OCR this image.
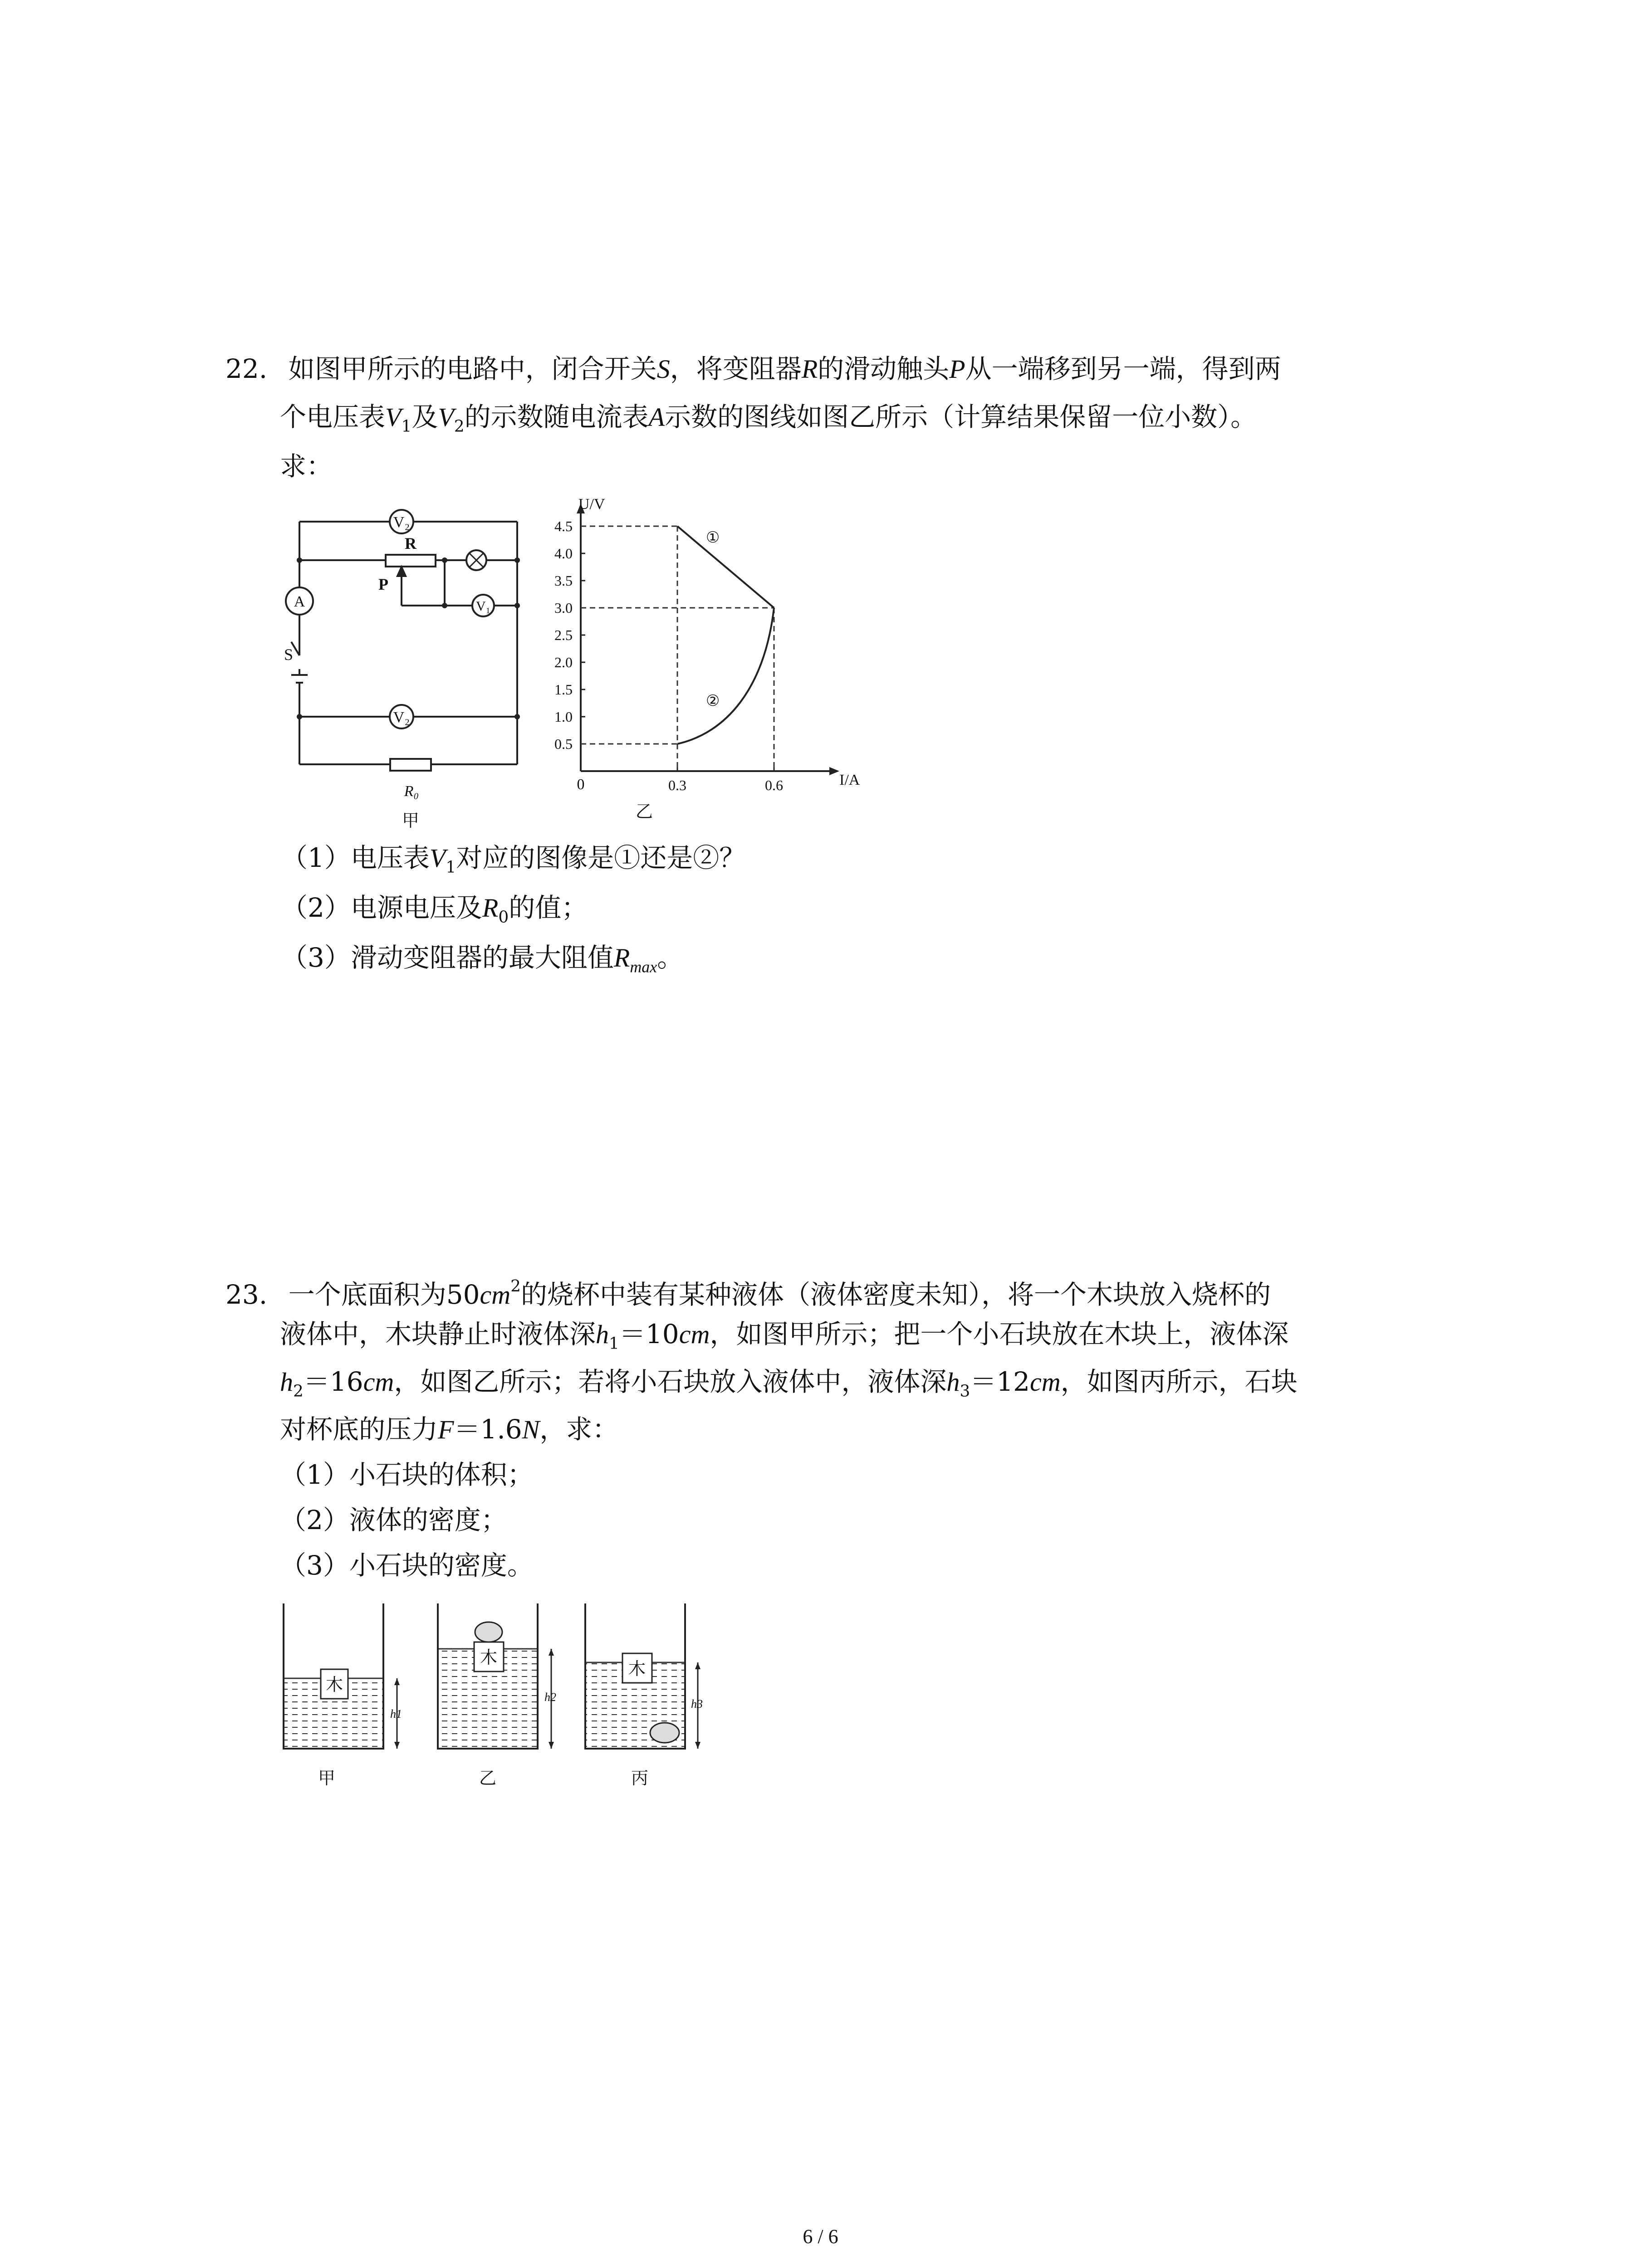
22. 如图甲所示的电路中，闭合开关S，将变阻器R的滑动触头P从一端移到另一端，得到两
个电压表$V_1$及$V_2$的示数随电流表A示数的图线如图乙所示（计算结果保留一位小数）。
求：
V₂
A	V₁
V₂
R
P
S
R₀
甲
4.5
4.0
3.5
3.0
2.5
2.0
1.5
1.0
0.5
0.3	0.6
①
②
U/V
I/A
0
乙
（1）电压表$V_1$对应的图像是①还是②？
（2）电源电压及$R_0$的值；
（3）滑动变阻器的最大阻值$R_{max}$。
23. 一个底面积为$50cm^2$的烧杯中装有某种液体（液体密度未知），将一个木块放入烧杯的
液体中，木块静止时液体深$h_1=10cm$，如图甲所示；把一个小石块放在木块上，液体深
$h_2=16cm$，如图乙所示；若将小石块放入液体中，液体深$h_3=12cm$，如图丙所示，石块
对杯底的压力F＝1.6N，求：
（1）小石块的体积；
（2）液体的密度；
（3）小石块的密度。
木
木
木
h1
h2
h3
甲	乙	丙
6 / 6
